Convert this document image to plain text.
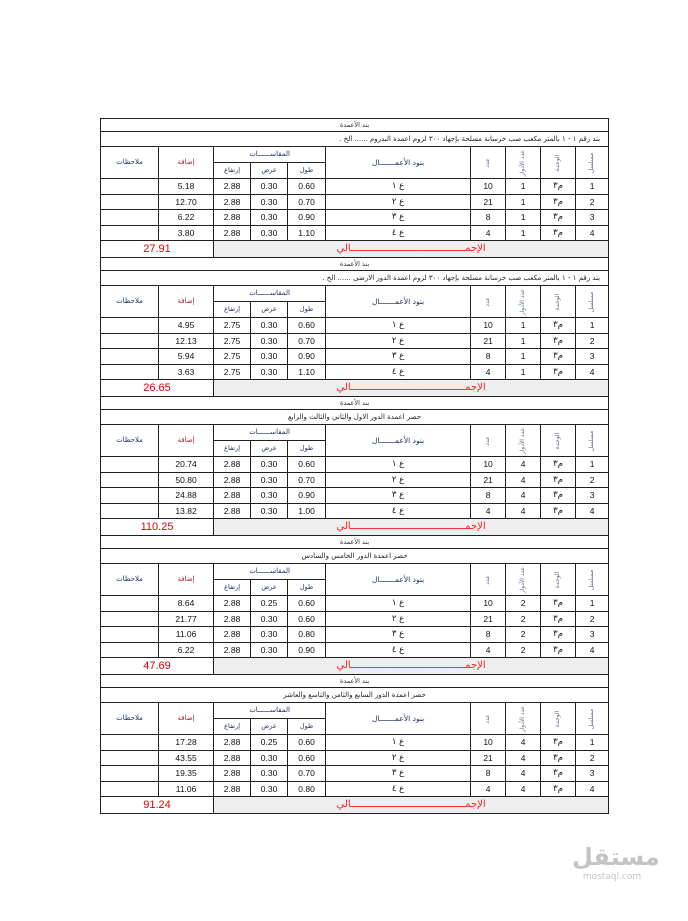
بند الأعمدة									
بند رقم ١ - ١ بالمتر مكعب صب خرسانة مسلحة بإجهاد ٣٠٠ لزوم اعمدة البدروم ...... الخ .									

مسلسل	الوحدة	عدد الأدوار	عدد	بنود الأعمـــــــال	المقاســــــات			إضافة	ملاحظات
					طول	عرض	إرتفاع		
1	م٣	1	10	ع ١	0.60	0.30	2.88	5.18	
2	م٣	1	21	ع ٢	0.70	0.30	2.88	12.70	
3	م٣	1	8	ع ٣	0.90	0.30	2.88	6.22	
4	م٣	1	4	ع ٤	1.10	0.30	2.88	3.80	
الإجمـــــــــــــــــــــــــــــــــــــــالي								27.91	
بند الأعمدة									
بند رقم ١ - ١ بالمتر مكعب صب خرسانة مسلحة بإجهاد ٣٠٠ لزوم اعمدة الدور الارضى ...... الخ .									

مسلسل	الوحدة	عدد الأدوار	عدد	بنود الأعمـــــــال	المقاســــــات			إضافة	ملاحظات
					طول	عرض	إرتفاع		
1	م٣	1	10	ع ١	0.60	0.30	2.75	4.95	
2	م٣	1	21	ع ٢	0.70	0.30	2.75	12.13	
3	م٣	1	8	ع ٣	0.90	0.30	2.75	5.94	
4	م٣	1	4	ع ٤	1.10	0.30	2.75	3.63	
الإجمـــــــــــــــــــــــــــــــــــــــالي								26.65	
بند الأعمدة									
حصر اعمدة الدور الاول والثاني والثالث والرابع									

مسلسل	الوحدة	عدد الأدوار	عدد	بنود الأعمـــــــال	المقاســــــات			إضافة	ملاحظات
					طول	عرض	إرتفاع		
1	م٣	4	10	ع ١	0.60	0.30	2.88	20.74	
2	م٣	4	21	ع ٢	0.70	0.30	2.88	50.80	
3	م٣	4	8	ع ٣	0.90	0.30	2.88	24.88	
4	م٣	4	4	ع ٤	1.00	0.30	2.88	13.82	
الإجمـــــــــــــــــــــــــــــــــــــــالي								110.25	
بند الأعمدة									
حصر اعمدة الدور الخامس والسادس									

مسلسل	الوحدة	عدد الأدوار	عدد	بنود الأعمـــــــال	المقاســــــات			إضافة	ملاحظات
					طول	عرض	إرتفاع		
1	م٣	2	10	ع ١	0.60	0.25	2.88	8.64	
2	م٣	2	21	ع ٢	0.60	0.30	2.88	21.77	
3	م٣	2	8	ع ٣	0.80	0.30	2.88	11.06	
4	م٣	2	4	ع ٤	0.90	0.30	2.88	6.22	
الإجمـــــــــــــــــــــــــــــــــــــــالي								47.69	
بند الأعمدة									
حصر اعمدة الدور السابع والثامن والتاسع والعاشر									

مسلسل	الوحدة	عدد الأدوار	عدد	بنود الأعمـــــــال	المقاســــــات			إضافة	ملاحظات
					طول	عرض	إرتفاع		
1	م٣	4	10	ع ١	0.60	0.25	2.88	17.28	
2	م٣	4	21	ع ٢	0.60	0.30	2.88	43.55	
3	م٣	4	8	ع ٣	0.70	0.30	2.88	19.35	
4	م٣	4	4	ع ٤	0.80	0.30	2.88	11.06	
الإجمـــــــــــــــــــــــــــــــــــــــالي								91.24	
مستقل
mostaql.com
